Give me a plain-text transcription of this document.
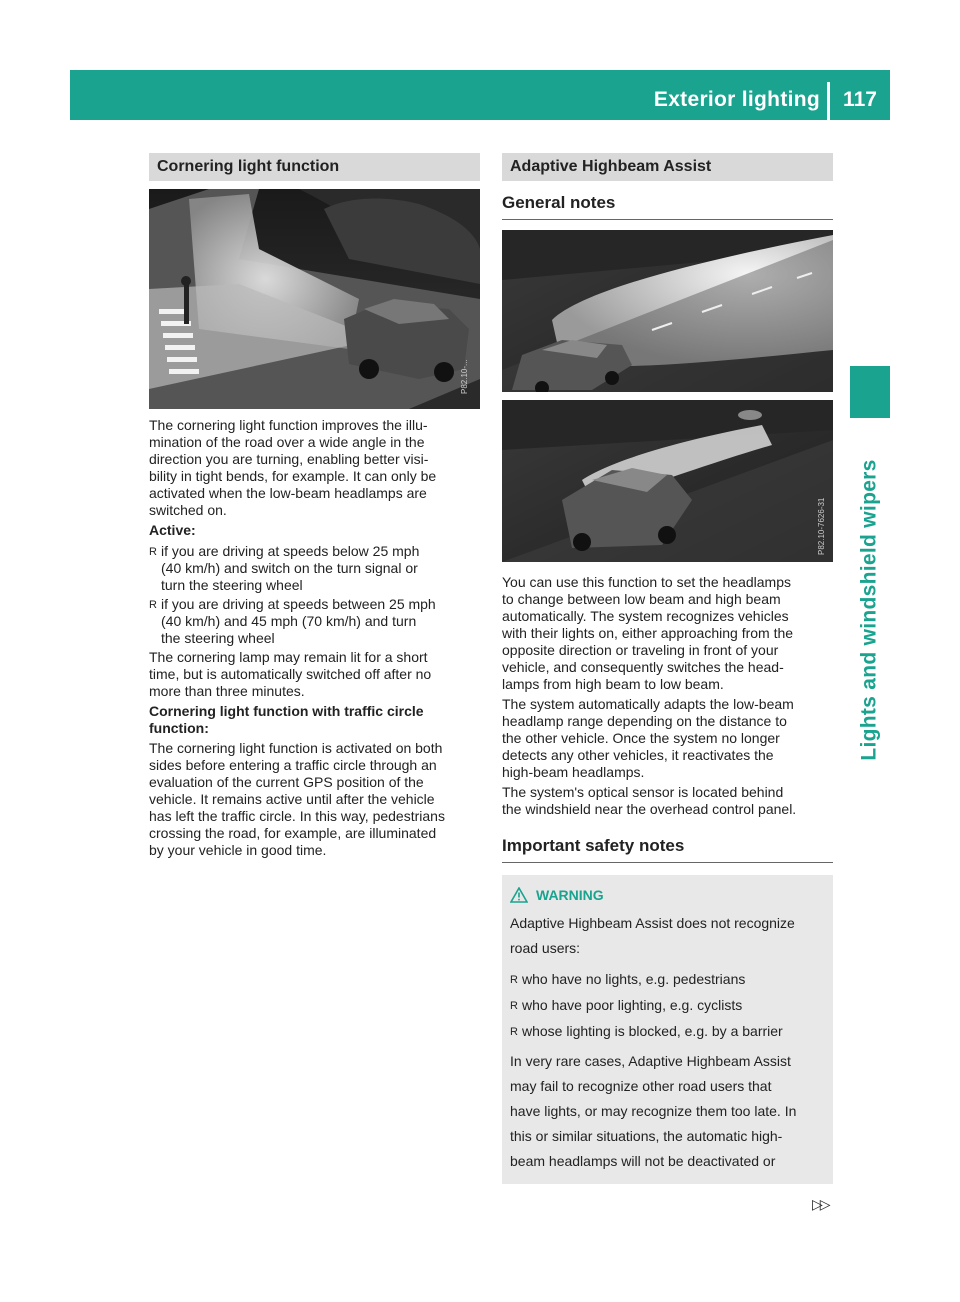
Exterior lighting	117
Lights and windshield wipers
Cornering light function
P82.10-...

The cornering light function improves the illu-

mination of the road over a wide angle in the

direction you are turning, enabling better visi-

bility in tight bends, for example. It can only be

activated when the low-beam headlamps are

switched on.

Active:

R if you are driving at speeds below 25 mph
(40 km/h) and switch on the turn signal or
turn the steering wheel
R if you are driving at speeds between 25 mph
(40 km/h) and 45 mph (70 km/h) and turn
the steering wheel

The cornering lamp may remain lit for a short

time, but is automatically switched off after no

more than three minutes.

Cornering light function with traffic circle

function:

The cornering light function is activated on both

sides before entering a traffic circle through an

evaluation of the current GPS position of the

vehicle. It remains active until after the vehicle

has left the traffic circle. In this way, pedestrians

crossing the road, for example, are illuminated

by your vehicle in good time.

Adaptive Highbeam Assist
General notes
P82.10-7626-31

You can use this function to set the headlamps

to change between low beam and high beam

automatically. The system recognizes vehicles

with their lights on, either approaching from the

opposite direction or traveling in front of your

vehicle, and consequently switches the head-

lamps from high beam to low beam.

The system automatically adapts the low-beam

headlamp range depending on the distance to

the other vehicle. Once the system no longer

detects any other vehicles, it reactivates the

high-beam headlamps.

The system's optical sensor is located behind

the windshield near the overhead control panel.

Important safety notes
WARNING

Adaptive Highbeam Assist does not recognize

road users:

R who have no lights, e.g. pedestrians
R who have poor lighting, e.g. cyclists
R whose lighting is blocked, e.g. by a barrier

In very rare cases, Adaptive Highbeam Assist

may fail to recognize other road users that

have lights, or may recognize them too late. In

this or similar situations, the automatic high-

beam headlamps will not be deactivated or

▷▷
